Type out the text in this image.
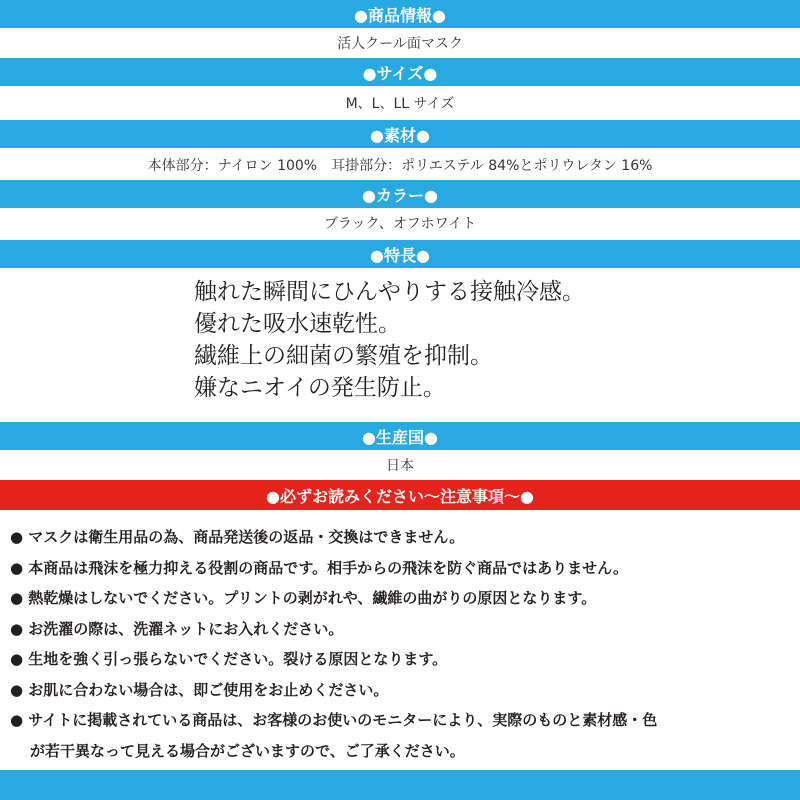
●商品情報●
活人クール面マスク
●サイズ●
M、L、LL サイズ
●素材●
本体部分：ナイロン 100%　耳掛部分：ポリエステル 84%とポリウレタン 16%
●カラー●
ブラック、オフホワイト
●特長●
触れた瞬間にひんやりする接触冷感。
優れた吸水速乾性。
繊維上の細菌の繁殖を抑制。
嫌なニオイの発生防止。
●生産国●
日本
●必ずお読みください〜注意事項〜●
● マスクは衛生用品の為、商品発送後の返品・交換はできません。
● 本商品は飛沫を極力抑える役割の商品です。相手からの飛沫を防ぐ商品ではありません。
● 熱乾燥はしないでください。プリントの剥がれや、繊維の曲がりの原因となります。
● お洗濯の際は、洗濯ネットにお入れください。
● 生地を強く引っ張らないでください。裂ける原因となります。
● お肌に合わない場合は、即ご使用をお止めください。
● サイトに掲載されている商品は、お客様のお使いのモニターにより、実際のものと素材感・色
が若干異なって見える場合がございますので、ご了承ください。
